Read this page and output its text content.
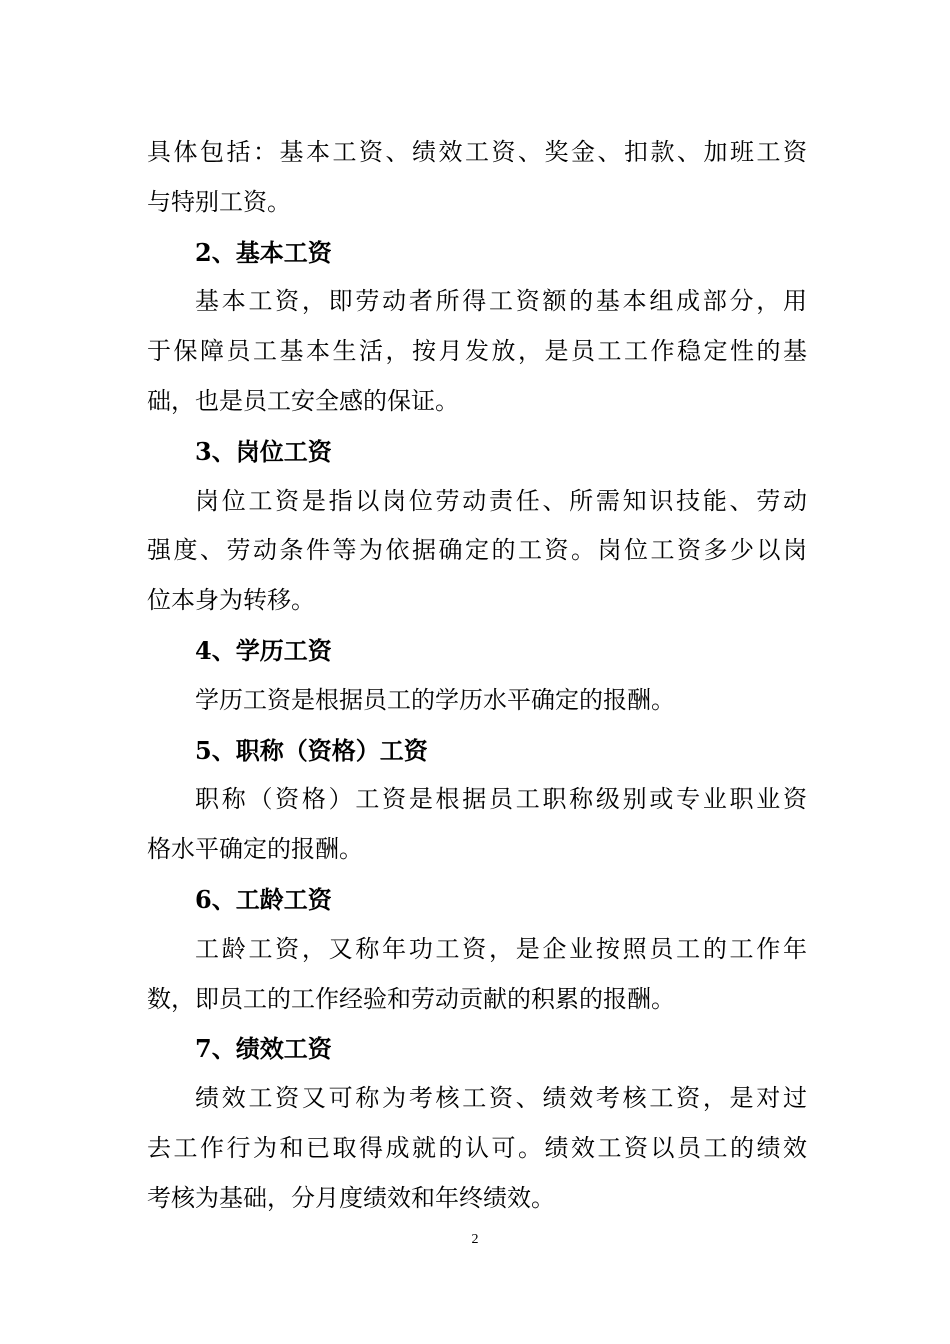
具体包括：基本工资、绩效工资、奖金、扣款、加班工资
与特别工资。
2、基本工资
基本工资，即劳动者所得工资额的基本组成部分，用
于保障员工基本生活，按月发放，是员工工作稳定性的基
础，也是员工安全感的保证。
3、岗位工资
岗位工资是指以岗位劳动责任、所需知识技能、劳动
强度、劳动条件等为依据确定的工资。岗位工资多少以岗
位本身为转移。
4、学历工资
学历工资是根据员工的学历水平确定的报酬。
5、职称（资格）工资
职称（资格）工资是根据员工职称级别或专业职业资
格水平确定的报酬。
6、工龄工资
工龄工资，又称年功工资，是企业按照员工的工作年
数，即员工的工作经验和劳动贡献的积累的报酬。
7、绩效工资
绩效工资又可称为考核工资、绩效考核工资，是对过
去工作行为和已取得成就的认可。绩效工资以员工的绩效
考核为基础，分月度绩效和年终绩效。
2
